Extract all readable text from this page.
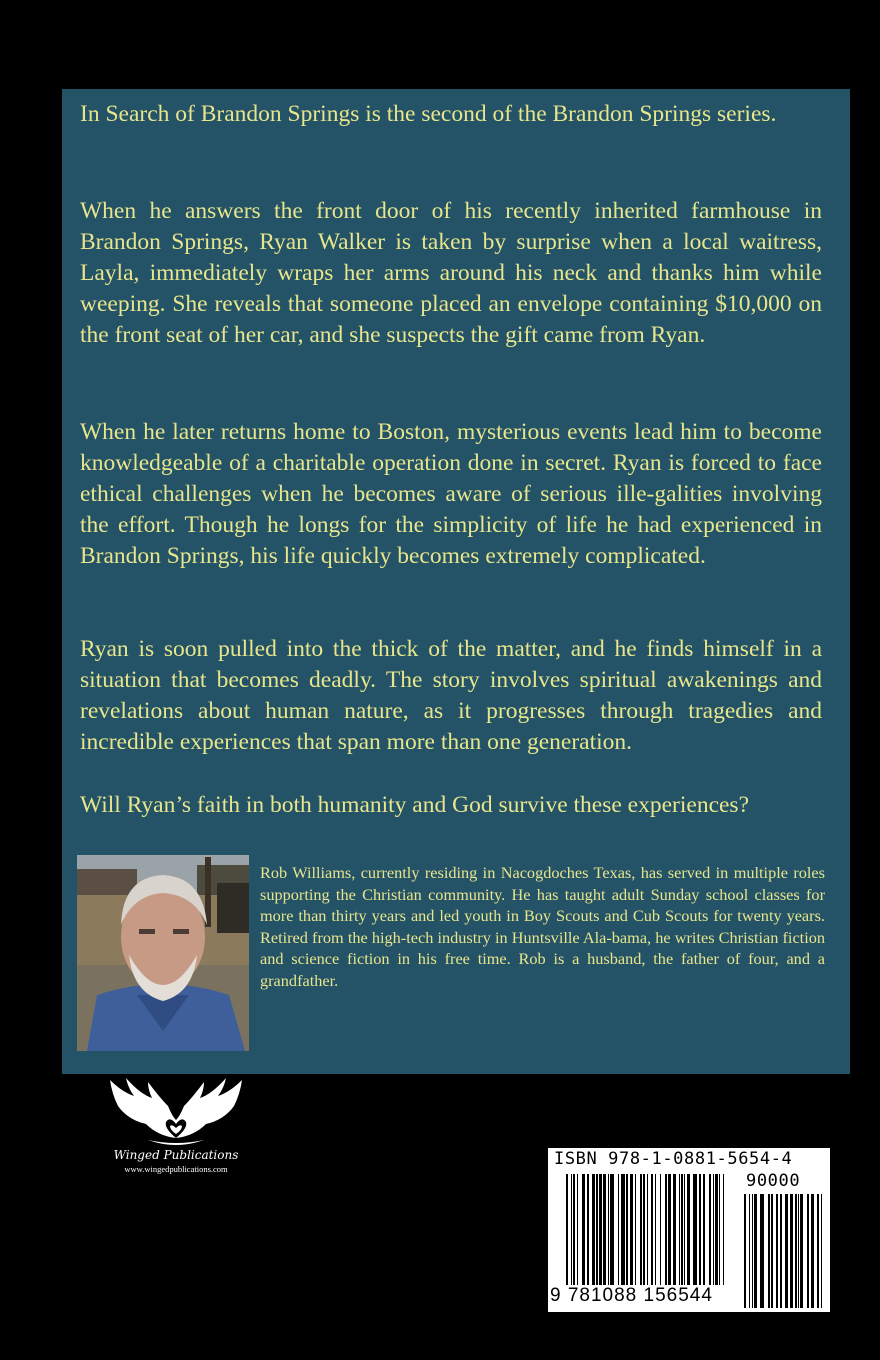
In Search of Brandon Springs is the second of the Brandon Springs series.

When he answers the front door of his recently inherited farmhouse in Brandon Springs, Ryan Walker is taken by surprise when a local waitress, Layla, immediately wraps her arms around his neck and thanks him while weeping. She reveals that someone placed an envelope containing $10,000 on the front seat of her car, and she suspects the gift came from Ryan.

When he later returns home to Boston, mysterious events lead him to become knowledgeable of a charitable operation done in secret. Ryan is forced to face ethical challenges when he becomes aware of serious ille-galities involving the effort. Though he longs for the simplicity of life he had experienced in Brandon Springs, his life quickly becomes extremely complicated.

Ryan is soon pulled into the thick of the matter, and he finds himself in a situation that becomes deadly. The story involves spiritual awakenings and revelations about human nature, as it progresses through tragedies and incredible experiences that span more than one generation.

Will Ryan’s faith in both humanity and God survive these experiences?

Rob Williams, currently residing in Nacogdoches Texas, has served in multiple roles supporting the Christian community. He has taught adult Sunday school classes for more than thirty years and led youth in Boy Scouts and Cub Scouts for twenty years. Retired from the high-tech industry in Huntsville Ala-bama, he writes Christian fiction and science fiction in his free time. Rob is a husband, the father of four, and a grandfather.

Winged Publications
www.wingedpublications.com	ISBN 978-1-0881-5654-4
90000
9 781088 156544
